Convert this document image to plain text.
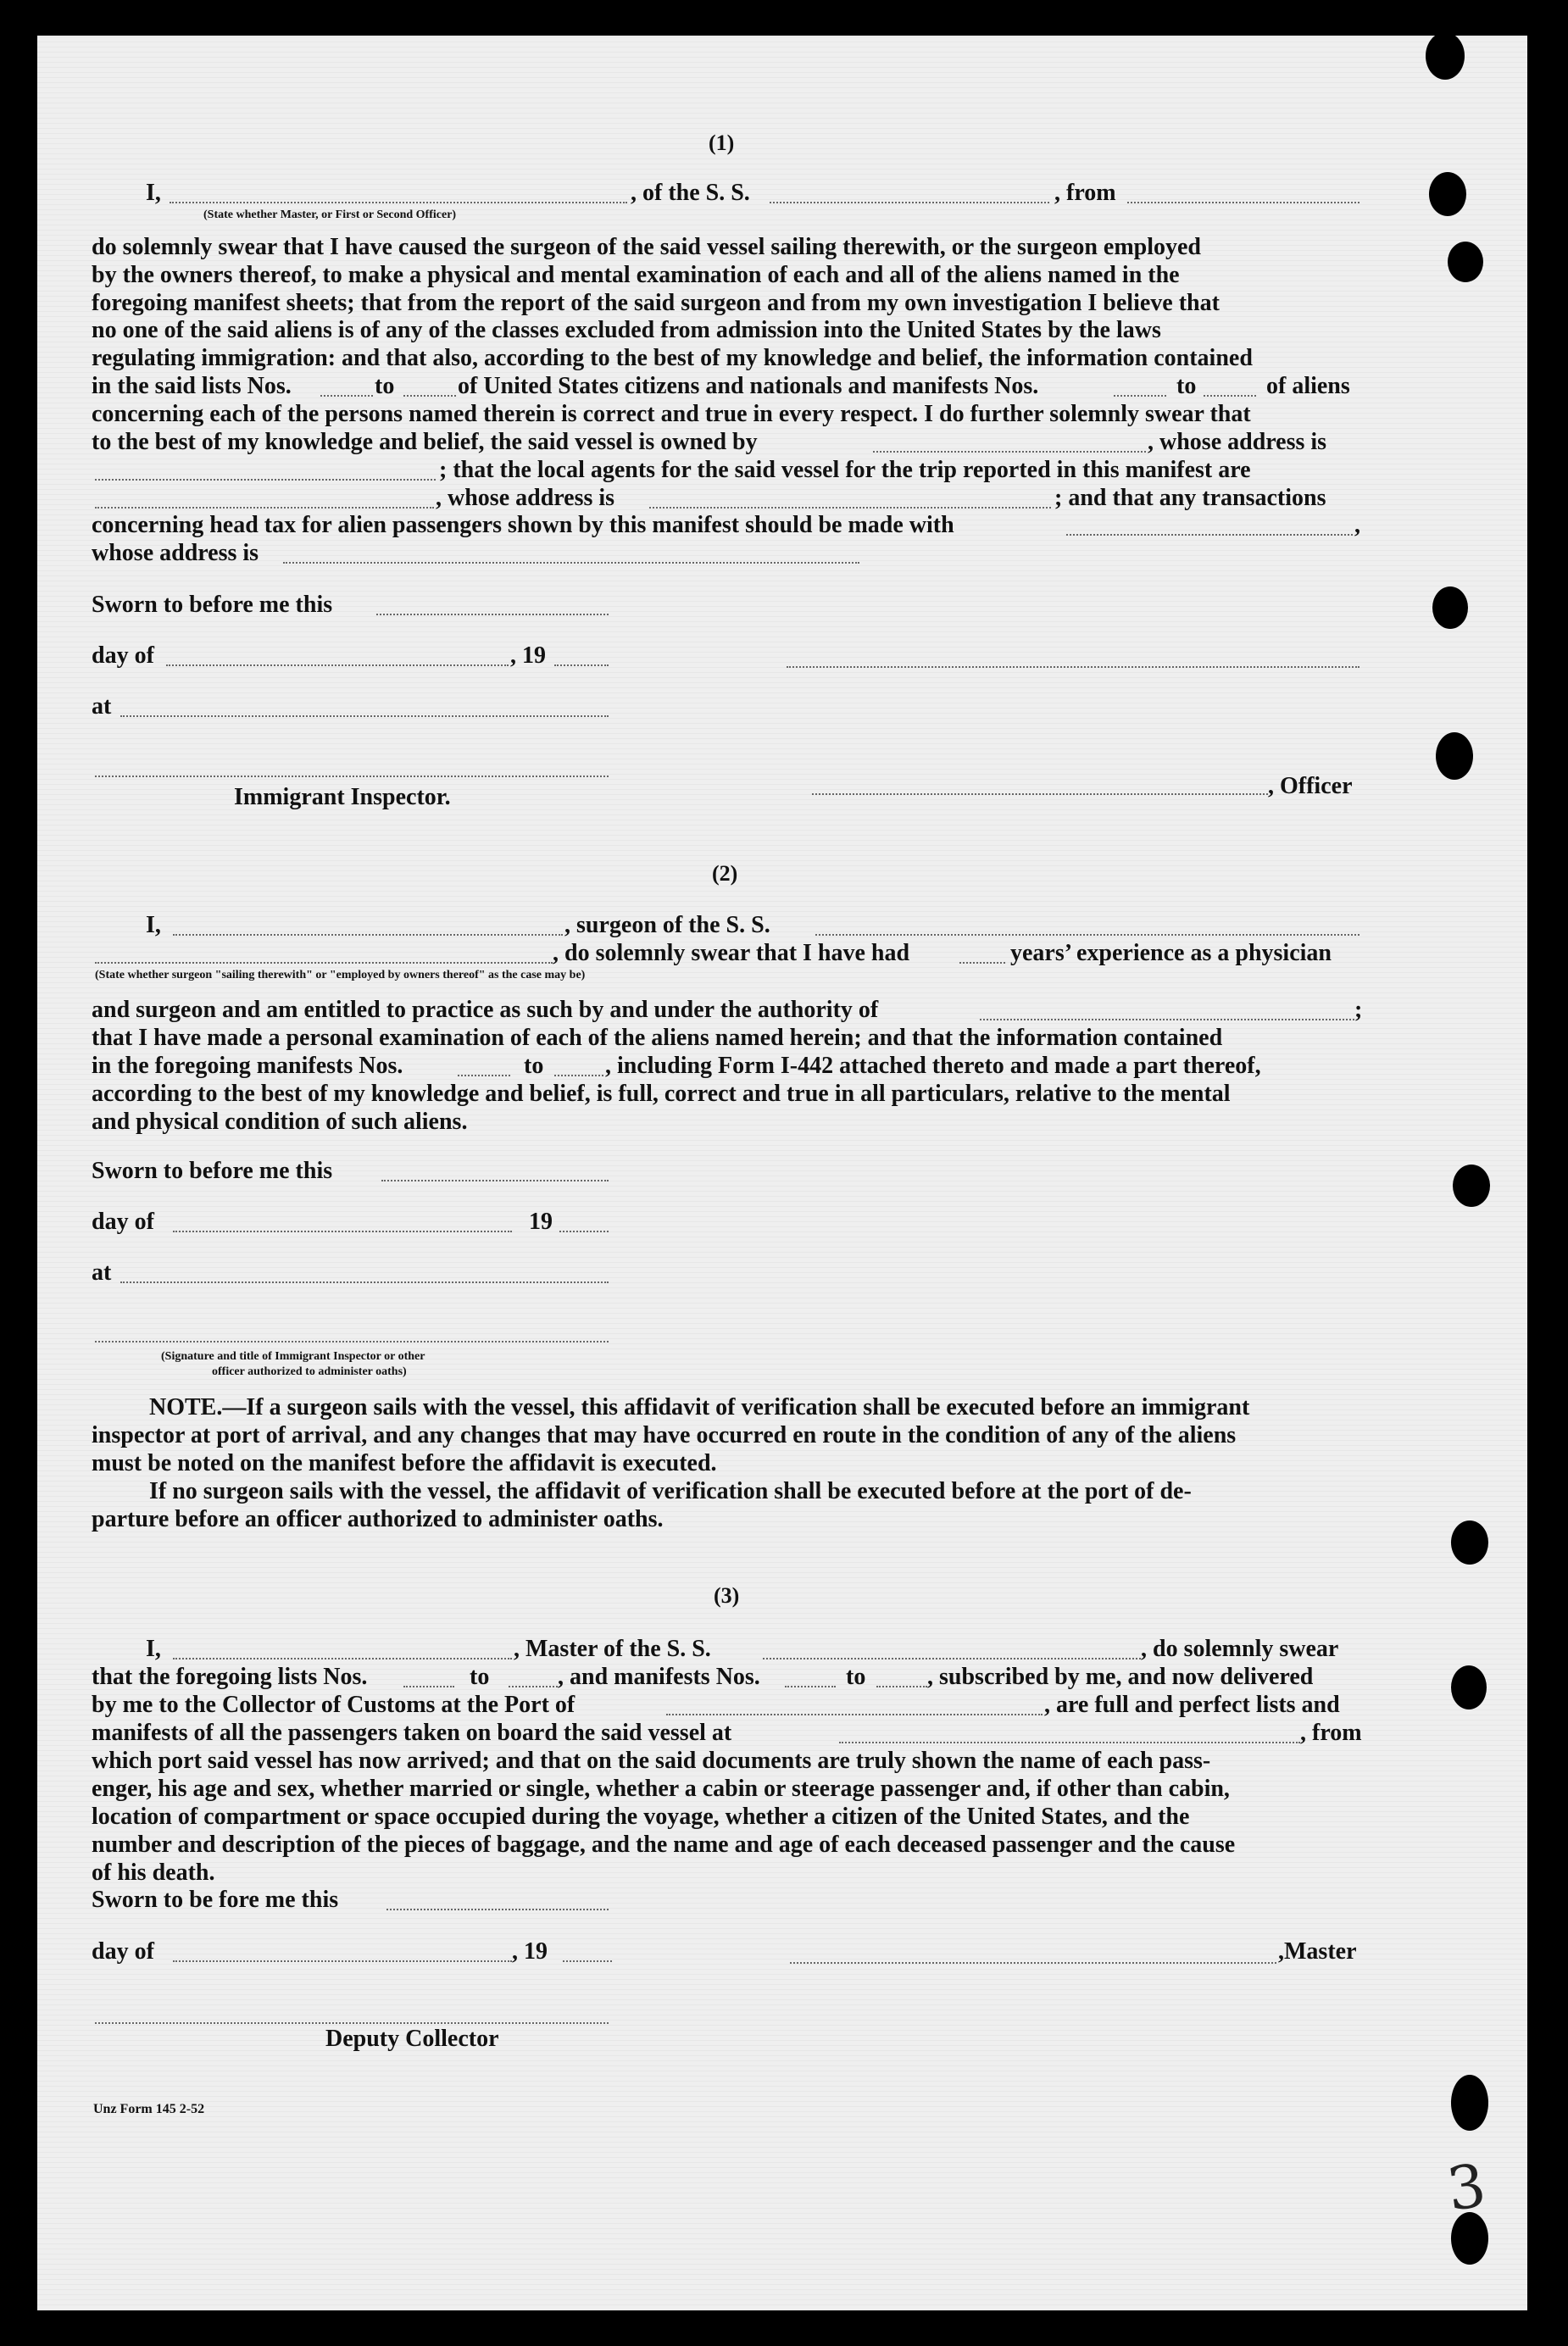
(1)
I,	, of the S. S.	, from
(State whether Master, or First or Second Officer)
do solemnly swear that I have caused the surgeon of the said vessel sailing therewith, or the surgeon employed
by the owners thereof, to make a physical and mental examination of each and all of the aliens named in the
foregoing manifest sheets; that from the report of the said surgeon and from my own investigation I believe that
no one of the said aliens is of any of the classes excluded from admission into the United States by the laws
regulating immigration: and that also, according to the best of my knowledge and belief, the information contained
in the said lists Nos.	to	of United States citizens and nationals and manifests Nos.	to	of aliens
concerning each of the persons named therein is correct and true in every respect. I do further solemnly swear that
to the best of my knowledge and belief, the said vessel is owned by	, whose address is
; that the local agents for the said vessel for the trip reported in this manifest are
, whose address is	; and that any transactions
concerning head tax for alien passengers shown by this manifest should be made with	,
whose address is
Sworn to before me this
day of	, 19
at
Immigrant Inspector.	, Officer
(2)
I,	, surgeon of the S. S.
, do solemnly swear that I have had	years’ experience as a physician
(State whether surgeon "sailing therewith" or "employed by owners thereof" as the case may be)
and surgeon and am entitled to practice as such by and under the authority of	;
that I have made a personal examination of each of the aliens named herein; and that the information contained
in the foregoing manifests Nos.	to	, including Form I-442 attached thereto and made a part thereof,
according to the best of my knowledge and belief, is full, correct and true in all particulars, relative to the mental
and physical condition of such aliens.
Sworn to before me this
day of	19
at
(Signature and title of Immigrant Inspector or other
officer authorized to administer oaths)
NOTE.—If a surgeon sails with the vessel, this affidavit of verification shall be executed before an immigrant
inspector at port of arrival, and any changes that may have occurred en route in the condition of any of the aliens
must be noted on the manifest before the affidavit is executed.
If no surgeon sails with the vessel, the affidavit of verification shall be executed before at the port of de-
parture before an officer authorized to administer oaths.
(3)
I,	, Master of the S. S.	, do solemnly swear
that the foregoing lists Nos.	to	, and manifests Nos.	to	, subscribed by me, and now delivered
by me to the Collector of Customs at the Port of	, are full and perfect lists and
manifests of all the passengers taken on board the said vessel at	, from
which port said vessel has now arrived; and that on the said documents are truly shown the name of each pass-
enger, his age and sex, whether married or single, whether a cabin or steerage passenger and, if other than cabin,
location of compartment or space occupied during the voyage, whether a citizen of the United States, and the
number and description of the pieces of baggage, and the name and age of each deceased passenger and the cause
of his death.
Sworn to be fore me this
day of	, 19	,Master
Deputy Collector
Unz Form 145 2-52
3
